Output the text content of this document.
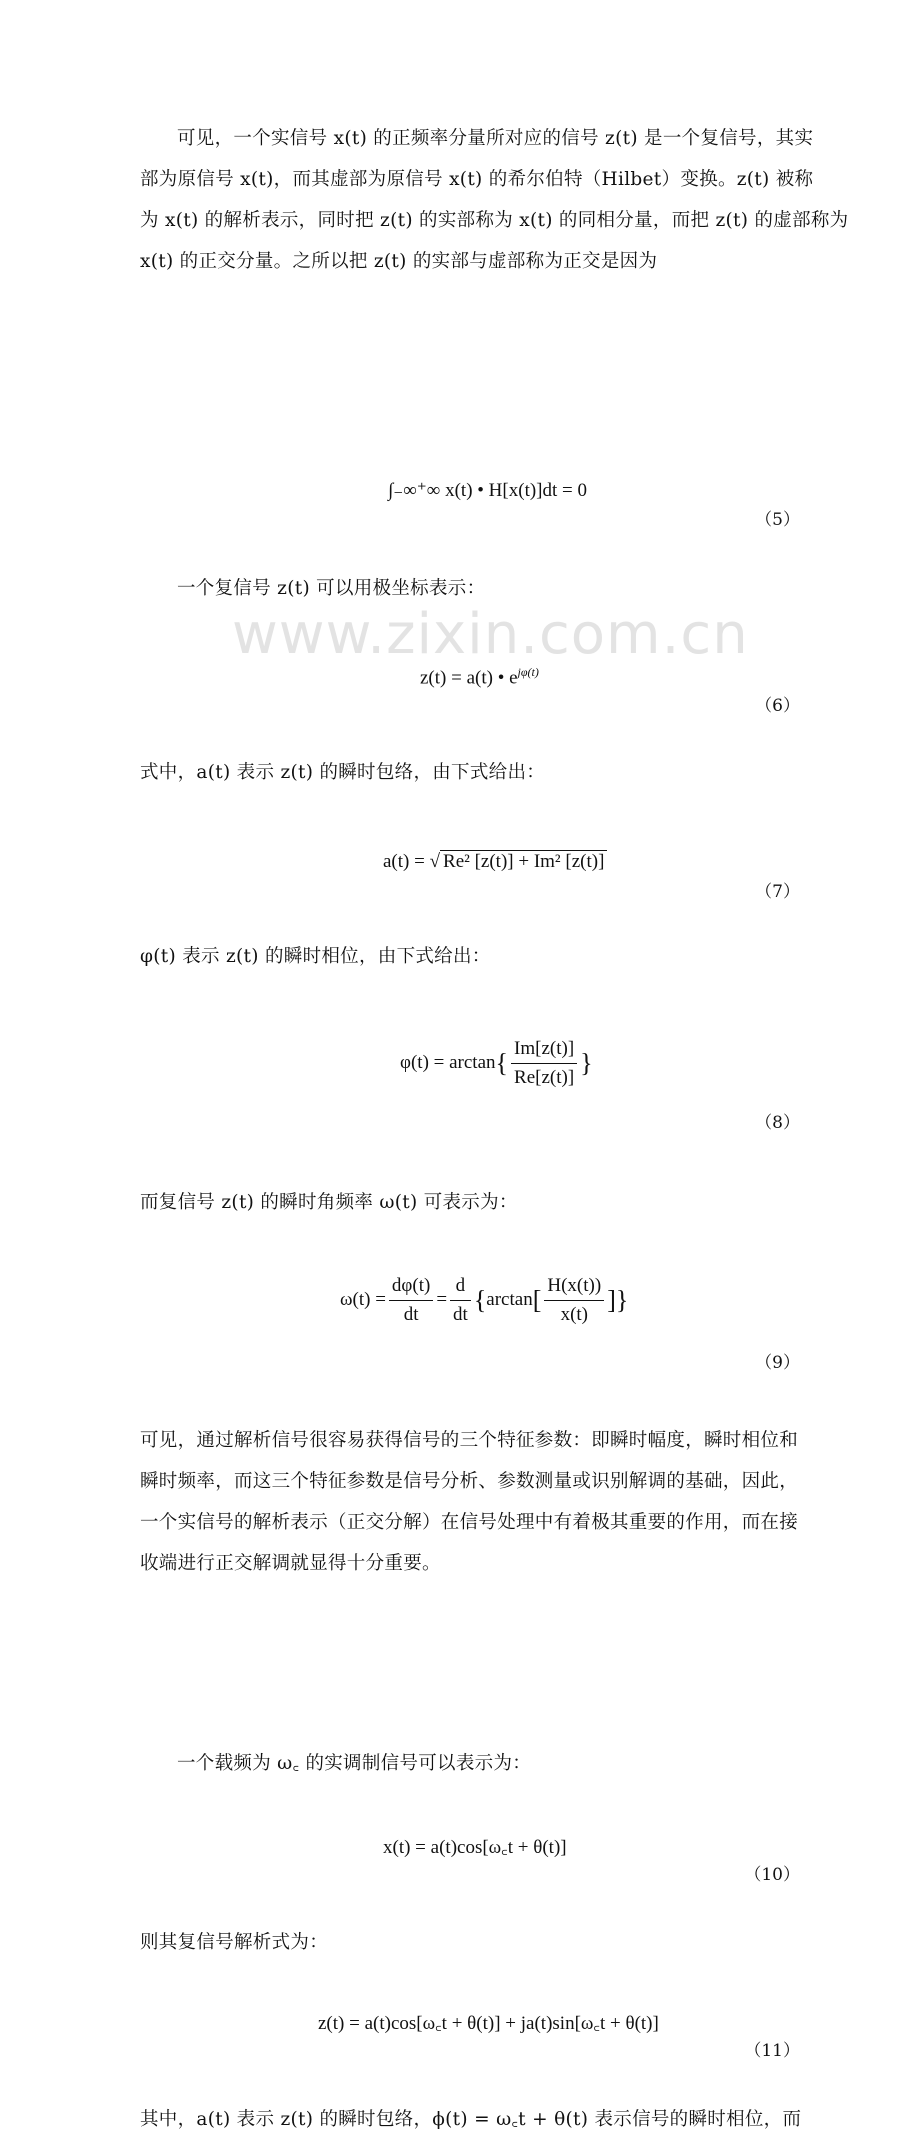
www.zixin.com.cn
可见，一个实信号 x(t) 的正频率分量所对应的信号 z(t) 是一个复信号，其实
部为原信号 x(t)，而其虚部为原信号 x(t) 的希尔伯特（Hilbet）变换。z(t) 被称
为 x(t) 的解析表示，同时把 z(t) 的实部称为 x(t) 的同相分量，而把 z(t) 的虚部称为
x(t) 的正交分量。之所以把 z(t) 的实部与虚部称为正交是因为
∫₋∞⁺∞ x(t) • H[x(t)]dt = 0
（5）
一个复信号 z(t) 可以用极坐标表示：
z(t) = a(t) • $e^{j\varphi(t)}$
（6）
式中，a(t) 表示 z(t) 的瞬时包络，由下式给出：
a(t) = √ Re² [z(t)] + Im² [z(t)]
（7）
φ(t) 表示 z(t) 的瞬时相位，由下式给出：
$\varphi(t) = \arctan\{ \frac{Im[z(t)]}{Re[z(t)]}$ }
（8）
而复信号 z(t) 的瞬时角频率 ω(t) 可表示为：
$\omega(t) = \frac{d\varphi(t)}{dt} = \frac{d}{dt} \{\arctan[ \frac{H(x(t))}{x(t)}$ ]}
（9）
可见，通过解析信号很容易获得信号的三个特征参数：即瞬时幅度，瞬时相位和
瞬时频率，而这三个特征参数是信号分析、参数测量或识别解调的基础，因此，
一个实信号的解析表示（正交分解）在信号处理中有着极其重要的作用，而在接
收端进行正交解调就显得十分重要。
一个载频为 ω꜀ 的实调制信号可以表示为：
x(t) = a(t)cos[ω꜀t + θ(t)]
（10）
则其复信号解析式为：
z(t) = a(t)cos[ω꜀t + θ(t)] + ja(t)sin[ω꜀t + θ(t)]
（11）
其中，a(t) 表示 z(t) 的瞬时包络，ϕ(t) = ω꜀t + θ(t) 表示信号的瞬时相位，而
